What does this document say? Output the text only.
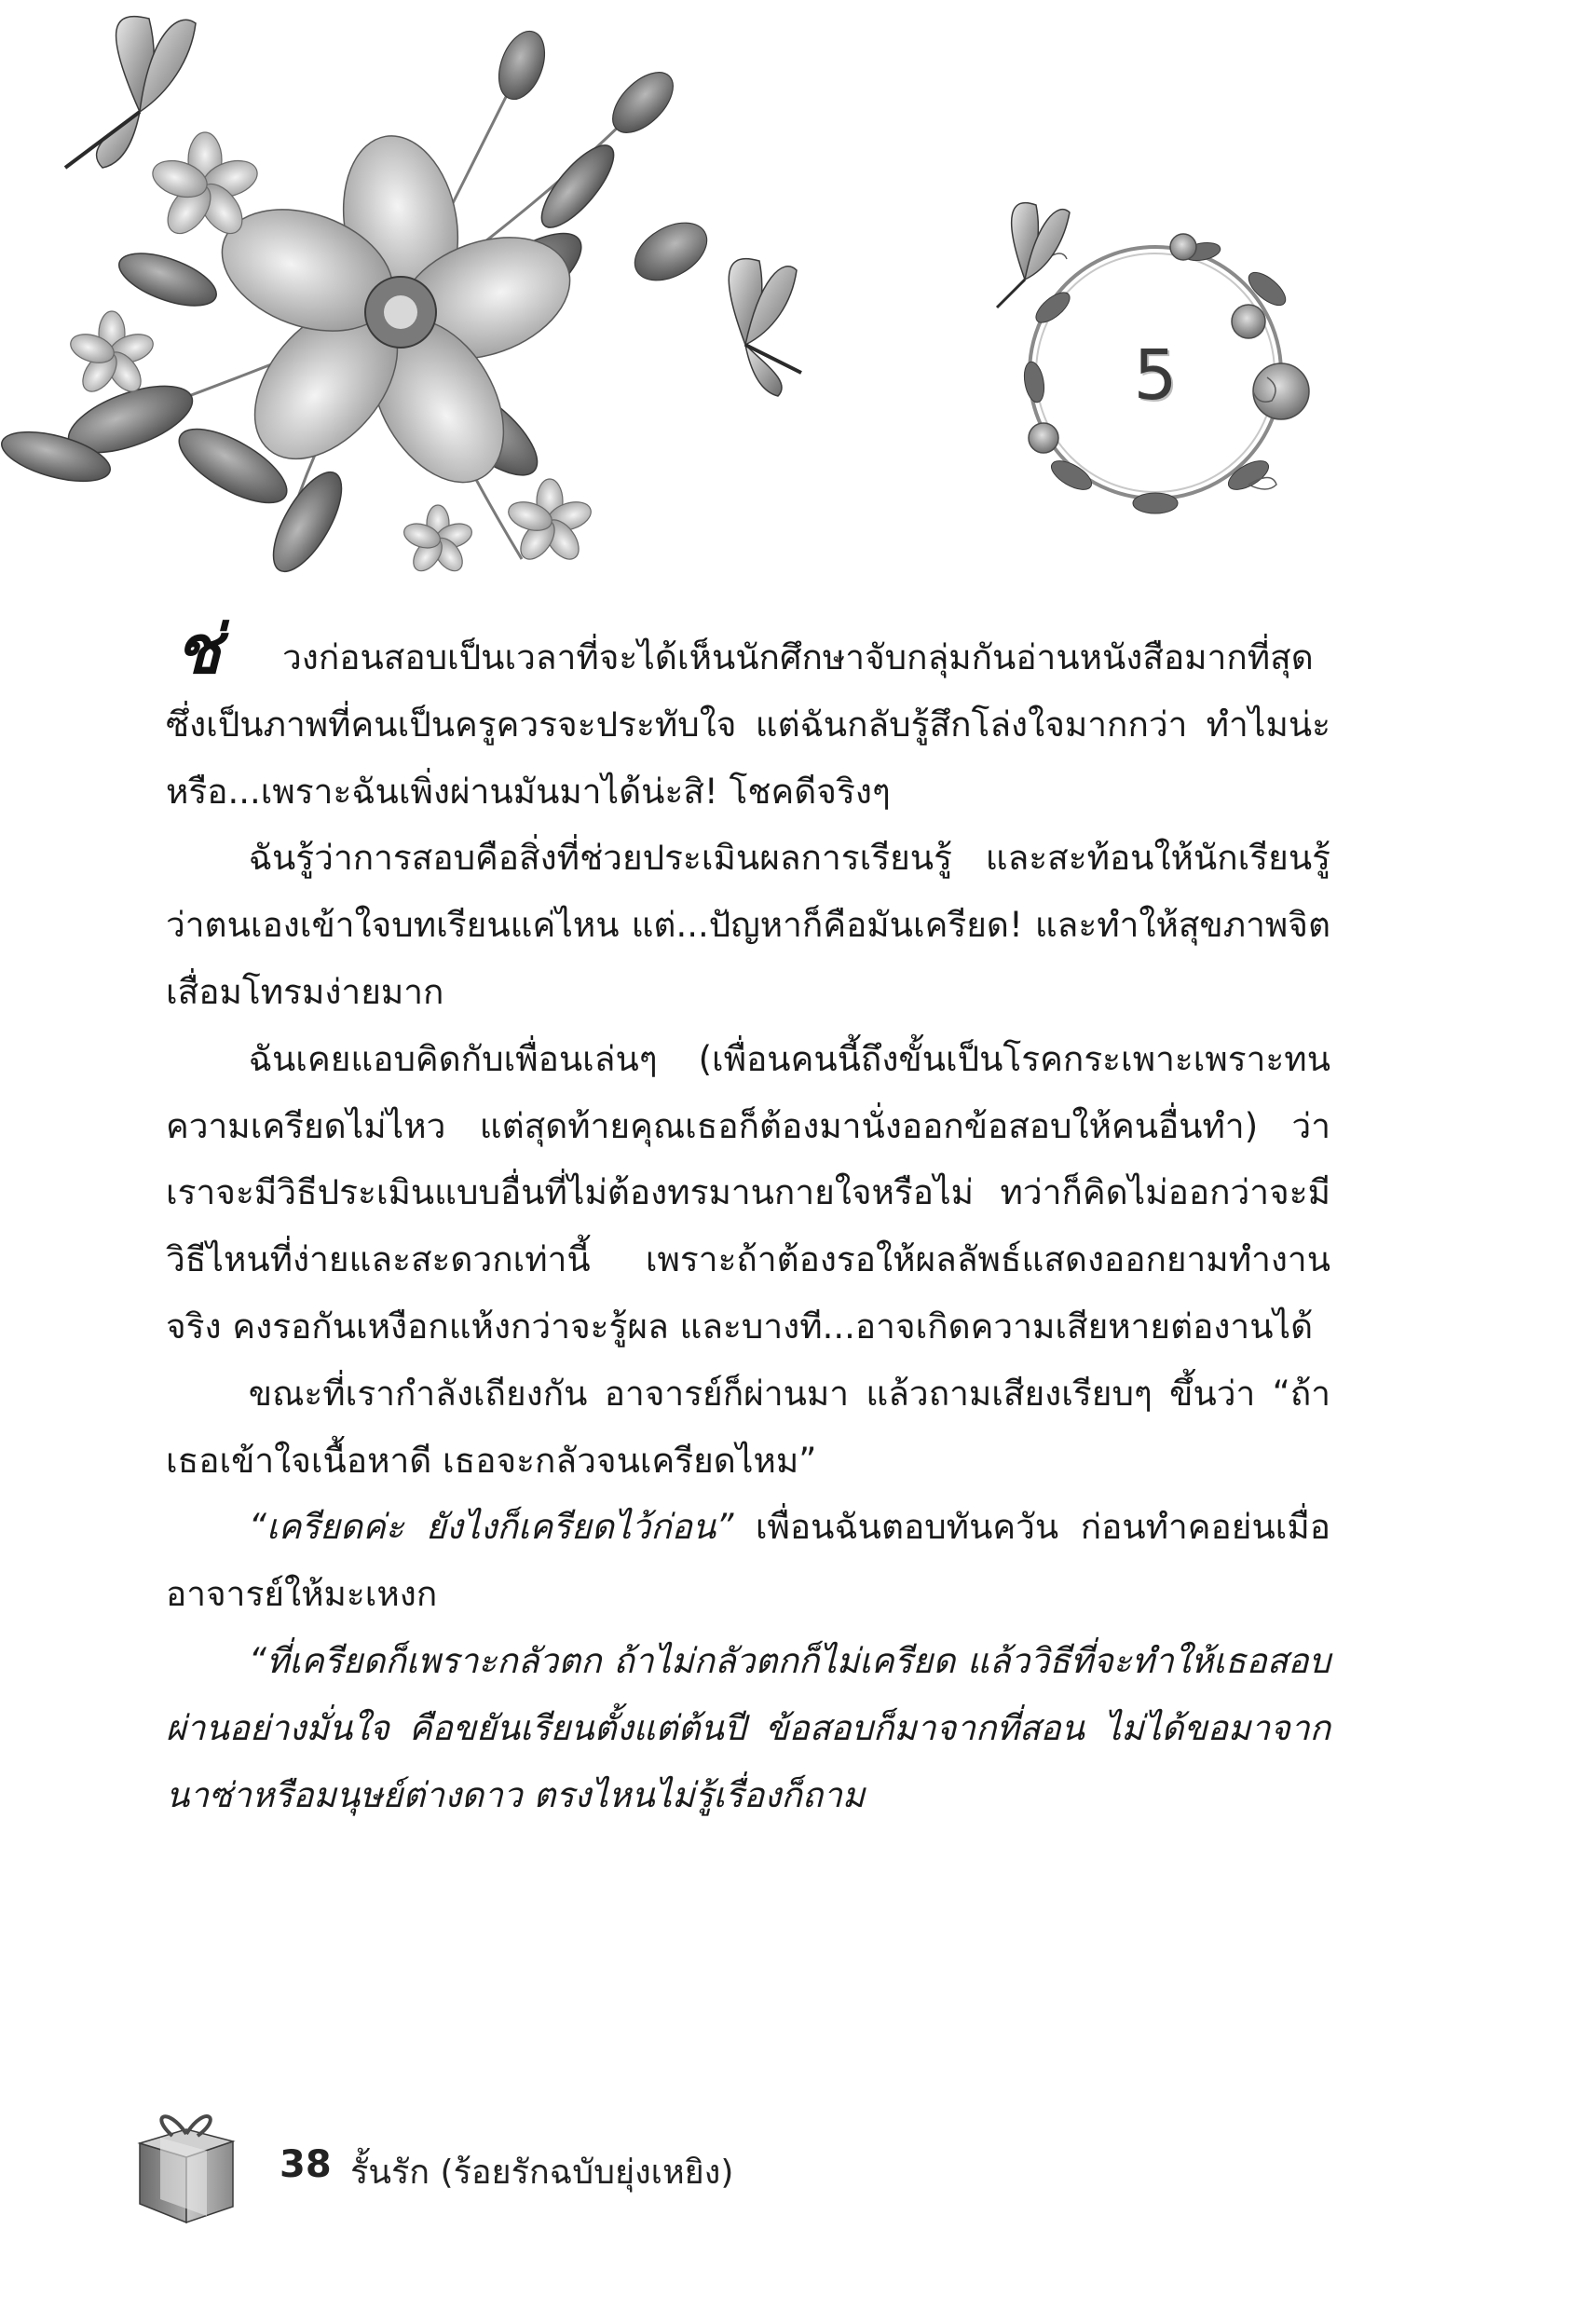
5

ช่ วงก่อนสอบเป็นเวลาที่จะได้เห็นนักศึกษาจับกลุ่มกันอ่านหนังสือมากที่สุด ซึ่งเป็นภาพที่คนเป็นครูควรจะประทับใจ แต่ฉันกลับรู้สึกโล่งใจมากกว่า ทำไมน่ะหรือ...เพราะฉันเพิ่งผ่านมันมาได้น่ะสิ! โชคดีจริงๆ

ฉันรู้ว่าการสอบคือสิ่งที่ช่วยประเมินผลการเรียนรู้ และสะท้อนให้นักเรียนรู้ว่าตนเองเข้าใจบทเรียนแค่ไหน แต่...ปัญหาก็คือมันเครียด! และทำให้สุขภาพจิตเสื่อมโทรมง่ายมาก

ฉันเคยแอบคิดกับเพื่อนเล่นๆ (เพื่อนคนนี้ถึงขั้นเป็นโรคกระเพาะเพราะทนความเครียดไม่ไหว แต่สุดท้ายคุณเธอก็ต้องมานั่งออกข้อสอบให้คนอื่นทำ) ว่าเราจะมีวิธีประเมินแบบอื่นที่ไม่ต้องทรมานกายใจหรือไม่ ทว่าก็คิดไม่ออกว่าจะมีวิธีไหนที่ง่ายและสะดวกเท่านี้ เพราะถ้าต้องรอให้ผลลัพธ์แสดงออกยามทำงานจริง คงรอกันเหงือกแห้งกว่าจะรู้ผล และบางที...อาจเกิดความเสียหายต่องานได้

ขณะที่เรากำลังเถียงกัน อาจารย์ก็ผ่านมา แล้วถามเสียงเรียบๆ ขึ้นว่า “ถ้าเธอเข้าใจเนื้อหาดี เธอจะกลัวจนเครียดไหม”

“เครียดค่ะ ยังไงก็เครียดไว้ก่อน” เพื่อนฉันตอบทันควัน ก่อนทำคอย่นเมื่ออาจารย์ให้มะเหงก

“ที่เครียดก็เพราะกลัวตก ถ้าไม่กลัวตกก็ไม่เครียด แล้ววิธีที่จะทำให้เธอสอบผ่านอย่างมั่นใจ คือขยันเรียนตั้งแต่ต้นปี ข้อสอบก็มาจากที่สอน ไม่ได้ขอมาจากนาซ่าหรือมนุษย์ต่างดาว ตรงไหนไม่รู้เรื่องก็ถาม

38 รั้นรัก (ร้อยรักฉบับยุ่งเหยิง)
